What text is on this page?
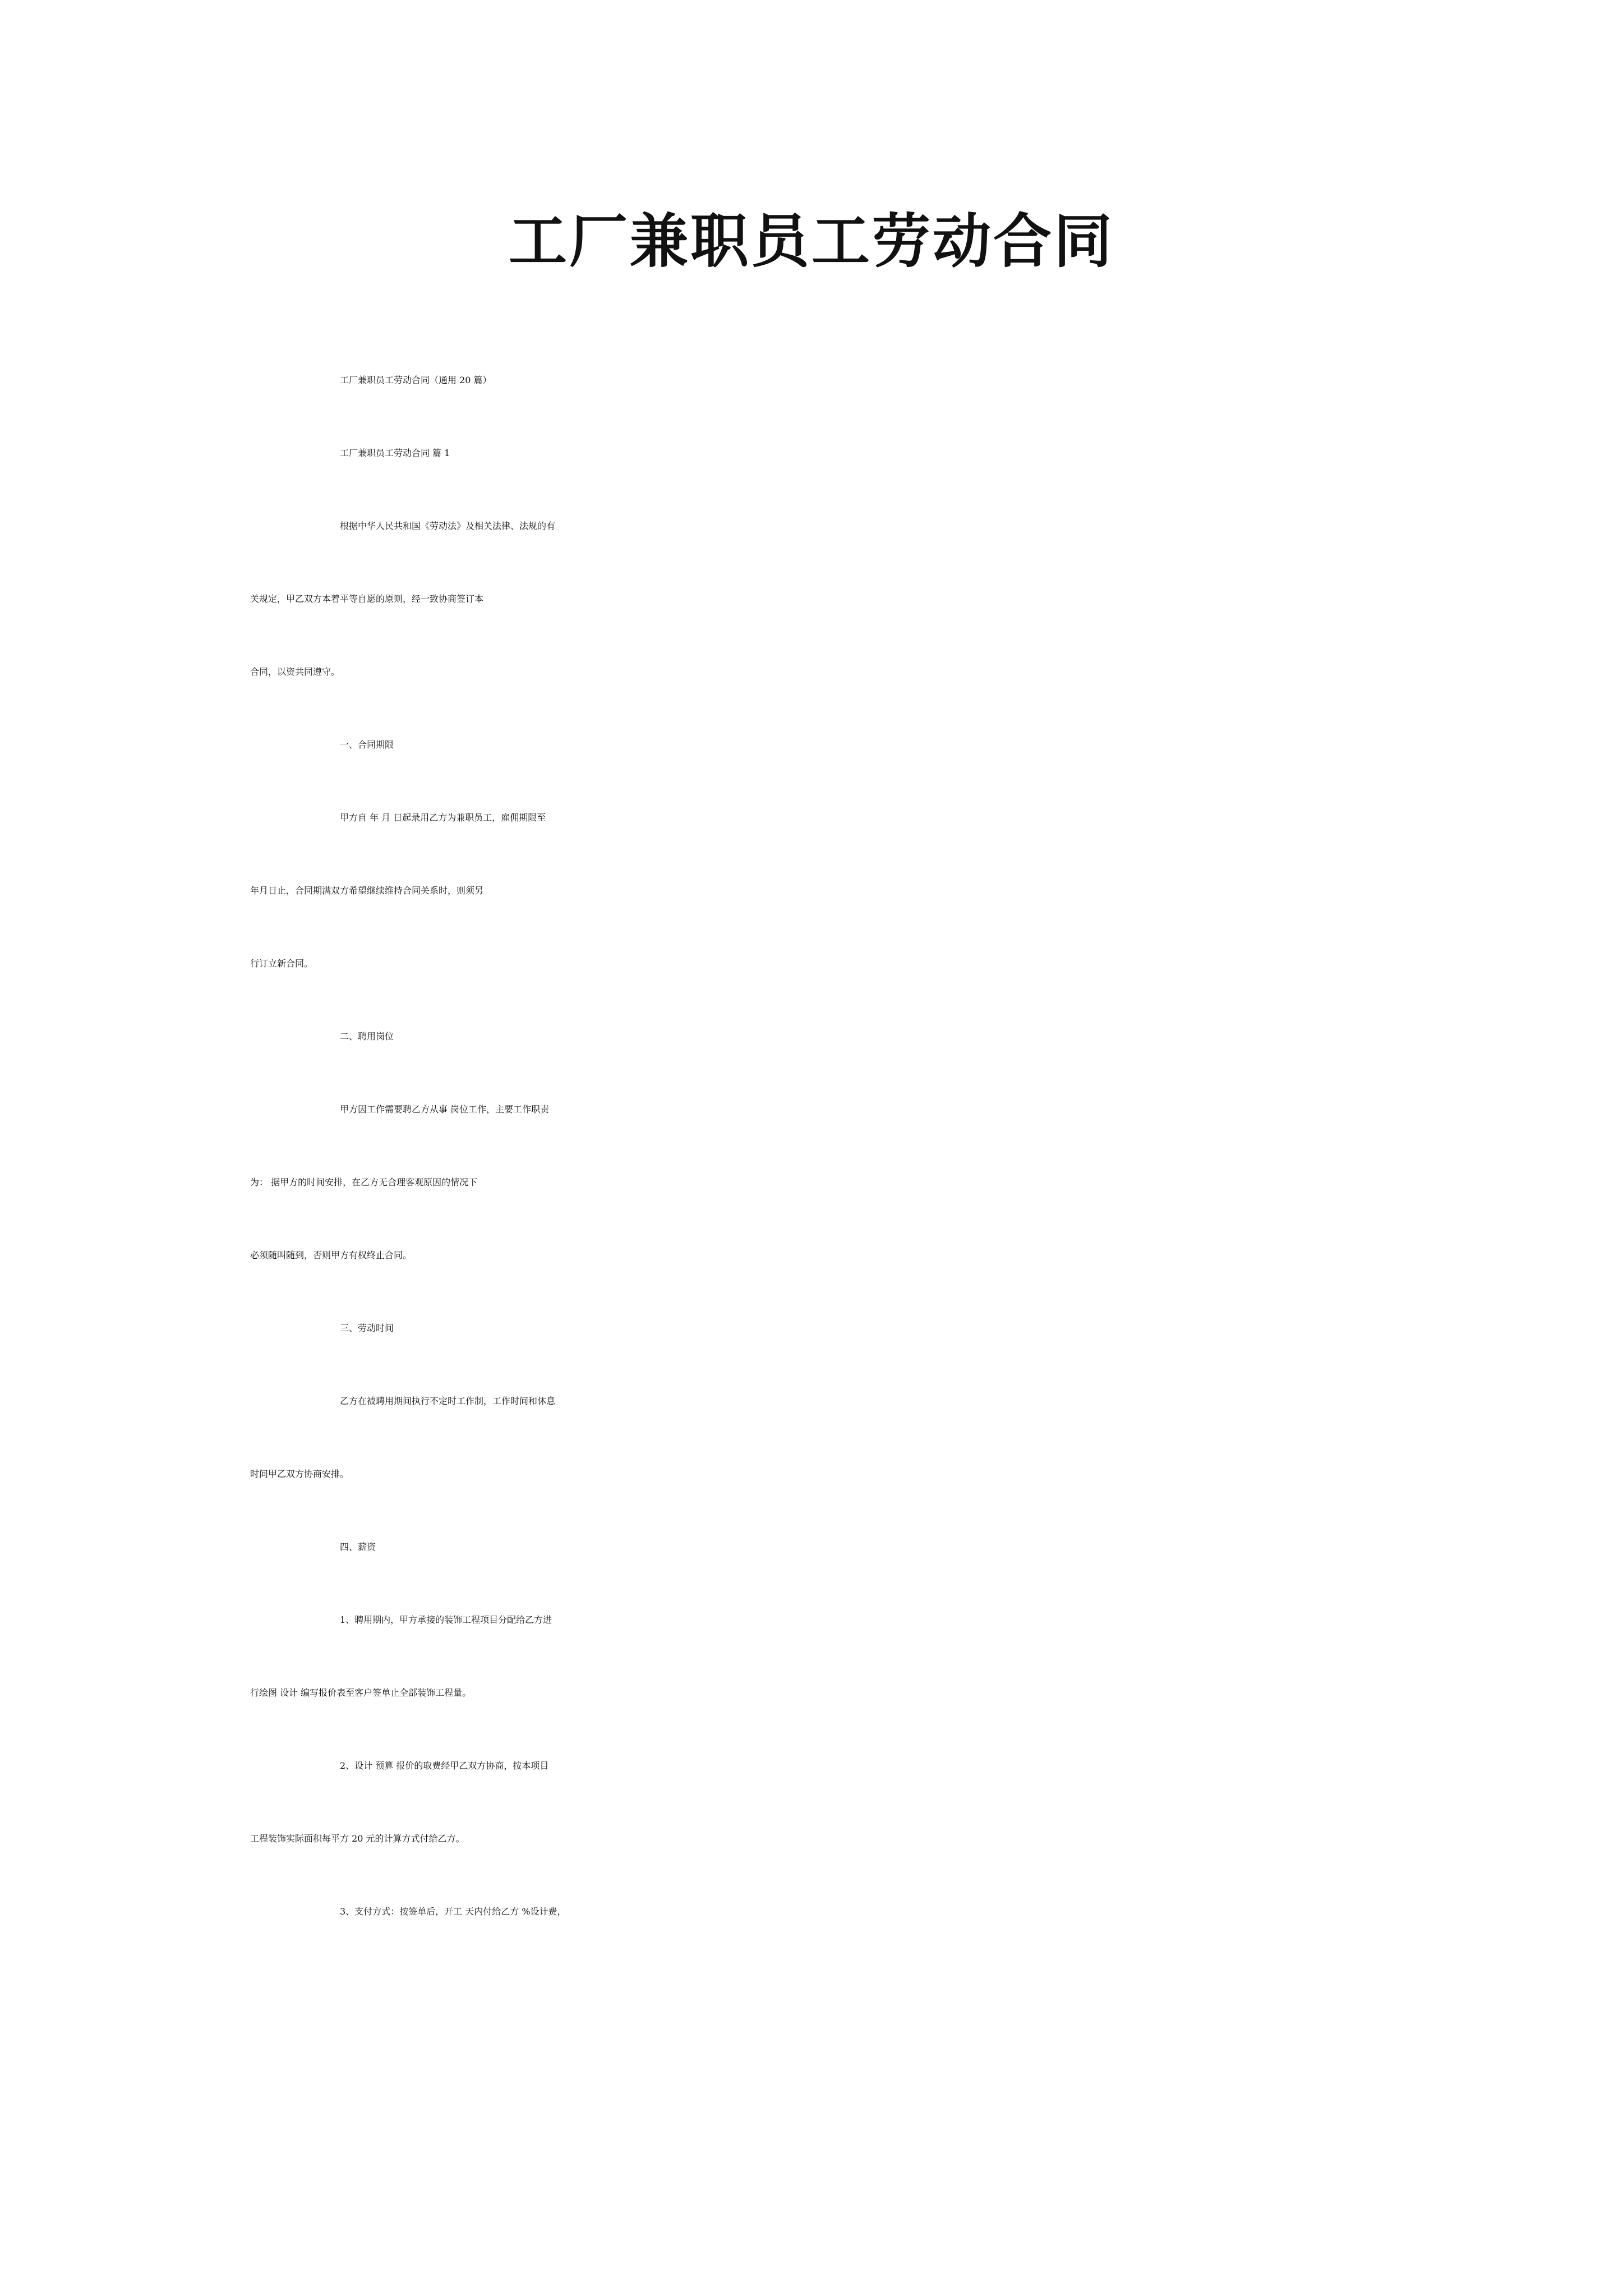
工厂兼职员工劳动合同
工厂兼职员工劳动合同（通用 20 篇）
工厂兼职员工劳动合同 篇 1
根据中华人民共和国《劳动法》及相关法律、法规的有
关规定，甲乙双方本着平等自愿的原则，经一致协商签订本
合同，以资共同遵守。
一、合同期限
甲方自 年 月 日起录用乙方为兼职员工，雇佣期限至
年月日止，合同期满双方希望继续维持合同关系时，则须另
行订立新合同。
二、聘用岗位
甲方因工作需要聘乙方从事 岗位工作，主要工作职责
为： 据甲方的时间安排，在乙方无合理客观原因的情况下
必须随叫随到，否则甲方有权终止合同。
三、劳动时间
乙方在被聘用期间执行不定时工作制，工作时间和休息
时间甲乙双方协商安排。
四、薪资
1、聘用期内，甲方承接的装饰工程项目分配给乙方进
行绘图 设计 编写报价表至客户签单止全部装饰工程量。
2、设计 预算 报价的取费经甲乙双方协商，按本项目
工程装饰实际面积每平方 20 元的计算方式付给乙方。
3、支付方式：按签单后，开工 天内付给乙方 %设计费，
